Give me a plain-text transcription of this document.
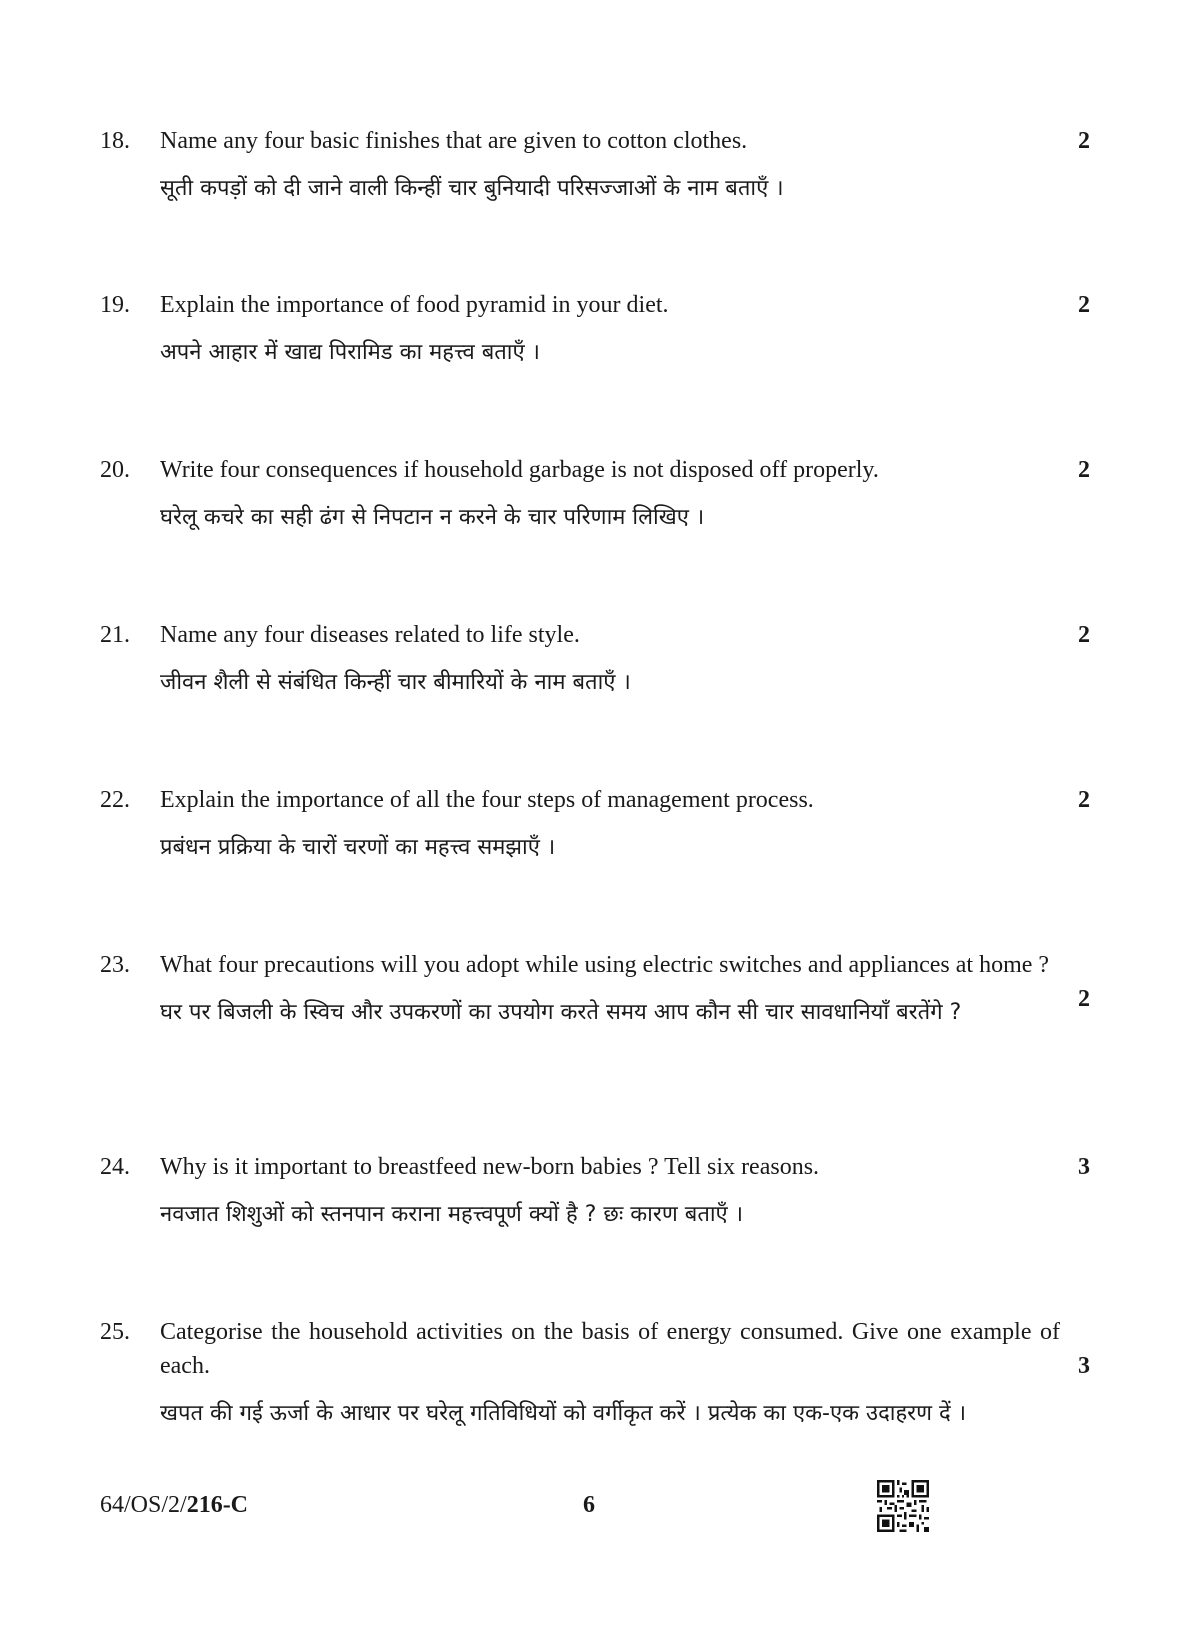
18. Name any four basic finishes that are given to cotton clothes.
सूती कपड़ों को दी जाने वाली किन्हीं चार बुनियादी परिसज्जाओं के नाम बताएँ ।
2
19. Explain the importance of food pyramid in your diet.
अपने आहार में खाद्य पिरामिड का महत्त्व बताएँ ।
2
20. Write four consequences if household garbage is not disposed off properly.
घरेलू कचरे का सही ढंग से निपटान न करने के चार परिणाम लिखिए ।
2
21. Name any four diseases related to life style.
जीवन शैली से संबंधित किन्हीं चार बीमारियों के नाम बताएँ ।
2
22. Explain the importance of all the four steps of management process.
प्रबंधन प्रक्रिया के चारों चरणों का महत्त्व समझाएँ ।
2
23. What four precautions will you adopt while using electric switches and appliances at home ?
घर पर बिजली के स्विच और उपकरणों का उपयोग करते समय आप कौन सी चार सावधानियाँ बरतेंगे ?
2
24. Why is it important to breastfeed new-born babies ? Tell six reasons.
नवजात शिशुओं को स्तनपान कराना महत्त्वपूर्ण क्यों है ? छः कारण बताएँ ।
3
25. Categorise the household activities on the basis of energy consumed. Give one example of each.
खपत की गई ऊर्जा के आधार पर घरेलू गतिविधियों को वर्गीकृत करें । प्रत्येक का एक-एक उदाहरण दें ।
3
64/OS/2/216-C	6
